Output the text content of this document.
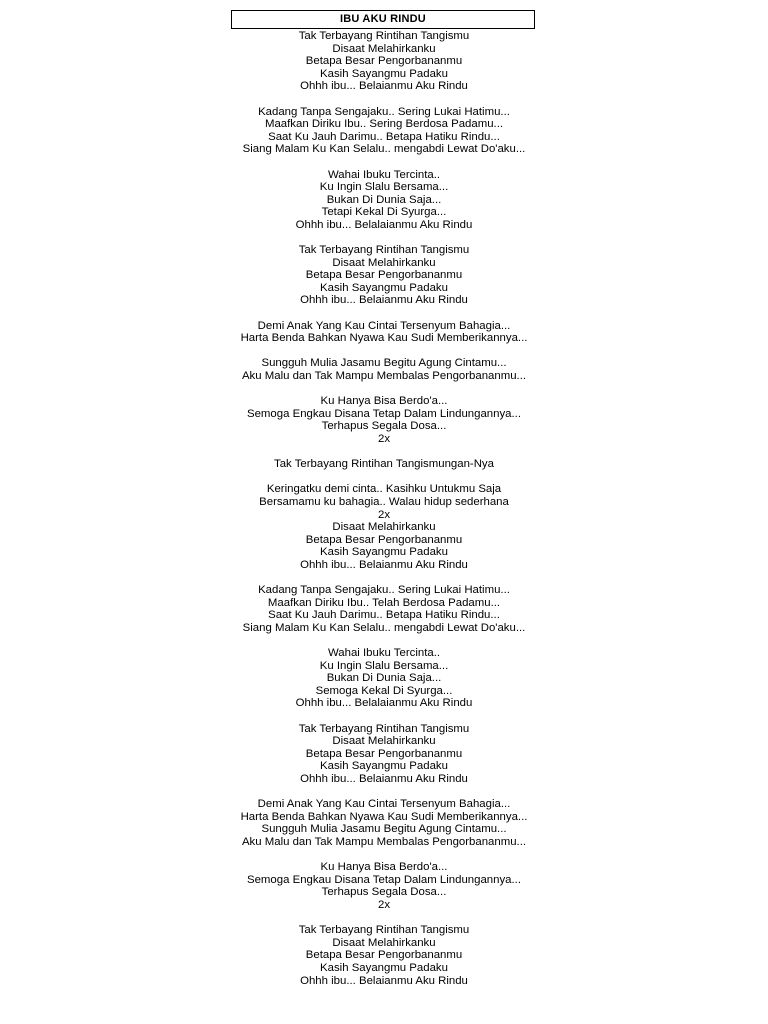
IBU AKU RINDU
Tak Terbayang Rintihan Tangismu
Disaat Melahirkanku
Betapa Besar Pengorbananmu
Kasih Sayangmu Padaku
Ohhh ibu... Belaianmu Aku Rindu
Kadang Tanpa Sengajaku.. Sering Lukai Hatimu...
Maafkan Diriku Ibu.. Sering Berdosa Padamu...
Saat Ku Jauh Darimu.. Betapa Hatiku Rindu...
Siang Malam Ku Kan Selalu.. mengabdi Lewat Do'aku...
Wahai Ibuku Tercinta..
Ku Ingin Slalu Bersama...
Bukan Di Dunia Saja...
Tetapi Kekal Di Syurga...
Ohhh ibu... Belalaianmu Aku Rindu
Tak Terbayang Rintihan Tangismu
Disaat Melahirkanku
Betapa Besar Pengorbananmu
Kasih Sayangmu Padaku
Ohhh ibu... Belaianmu Aku Rindu
Demi Anak Yang Kau Cintai Tersenyum Bahagia...
Harta Benda Bahkan Nyawa Kau Sudi Memberikannya...
Sungguh Mulia Jasamu Begitu Agung Cintamu...
Aku Malu dan Tak Mampu Membalas Pengorbananmu...
Ku Hanya Bisa Berdo'a...
Semoga Engkau Disana Tetap Dalam Lindungannya...
Terhapus Segala Dosa...
2x
Tak Terbayang Rintihan Tangismungan-Nya
Keringatku demi cinta.. Kasihku Untukmu Saja
Bersamamu ku bahagia.. Walau hidup sederhana
2x
Disaat Melahirkanku
Betapa Besar Pengorbananmu
Kasih Sayangmu Padaku
Ohhh ibu... Belaianmu Aku Rindu
Kadang Tanpa Sengajaku.. Sering Lukai Hatimu...
Maafkan Diriku Ibu.. Telah Berdosa Padamu...
Saat Ku Jauh Darimu.. Betapa Hatiku Rindu...
Siang Malam Ku Kan Selalu.. mengabdi Lewat Do'aku...
Wahai Ibuku Tercinta..
Ku Ingin Slalu Bersama...
Bukan Di Dunia Saja...
Semoga Kekal Di Syurga...
Ohhh ibu... Belalaianmu Aku Rindu
Tak Terbayang Rintihan Tangismu
Disaat Melahirkanku
Betapa Besar Pengorbananmu
Kasih Sayangmu Padaku
Ohhh ibu... Belaianmu Aku Rindu
Demi Anak Yang Kau Cintai Tersenyum Bahagia...
Harta Benda Bahkan Nyawa Kau Sudi Memberikannya...
Sungguh Mulia Jasamu Begitu Agung Cintamu...
Aku Malu dan Tak Mampu Membalas Pengorbananmu...
Ku Hanya Bisa Berdo'a...
Semoga Engkau Disana Tetap Dalam Lindungannya...
Terhapus Segala Dosa...
2x
Tak Terbayang Rintihan Tangismu
Disaat Melahirkanku
Betapa Besar Pengorbananmu
Kasih Sayangmu Padaku
Ohhh ibu... Belaianmu Aku Rindu
